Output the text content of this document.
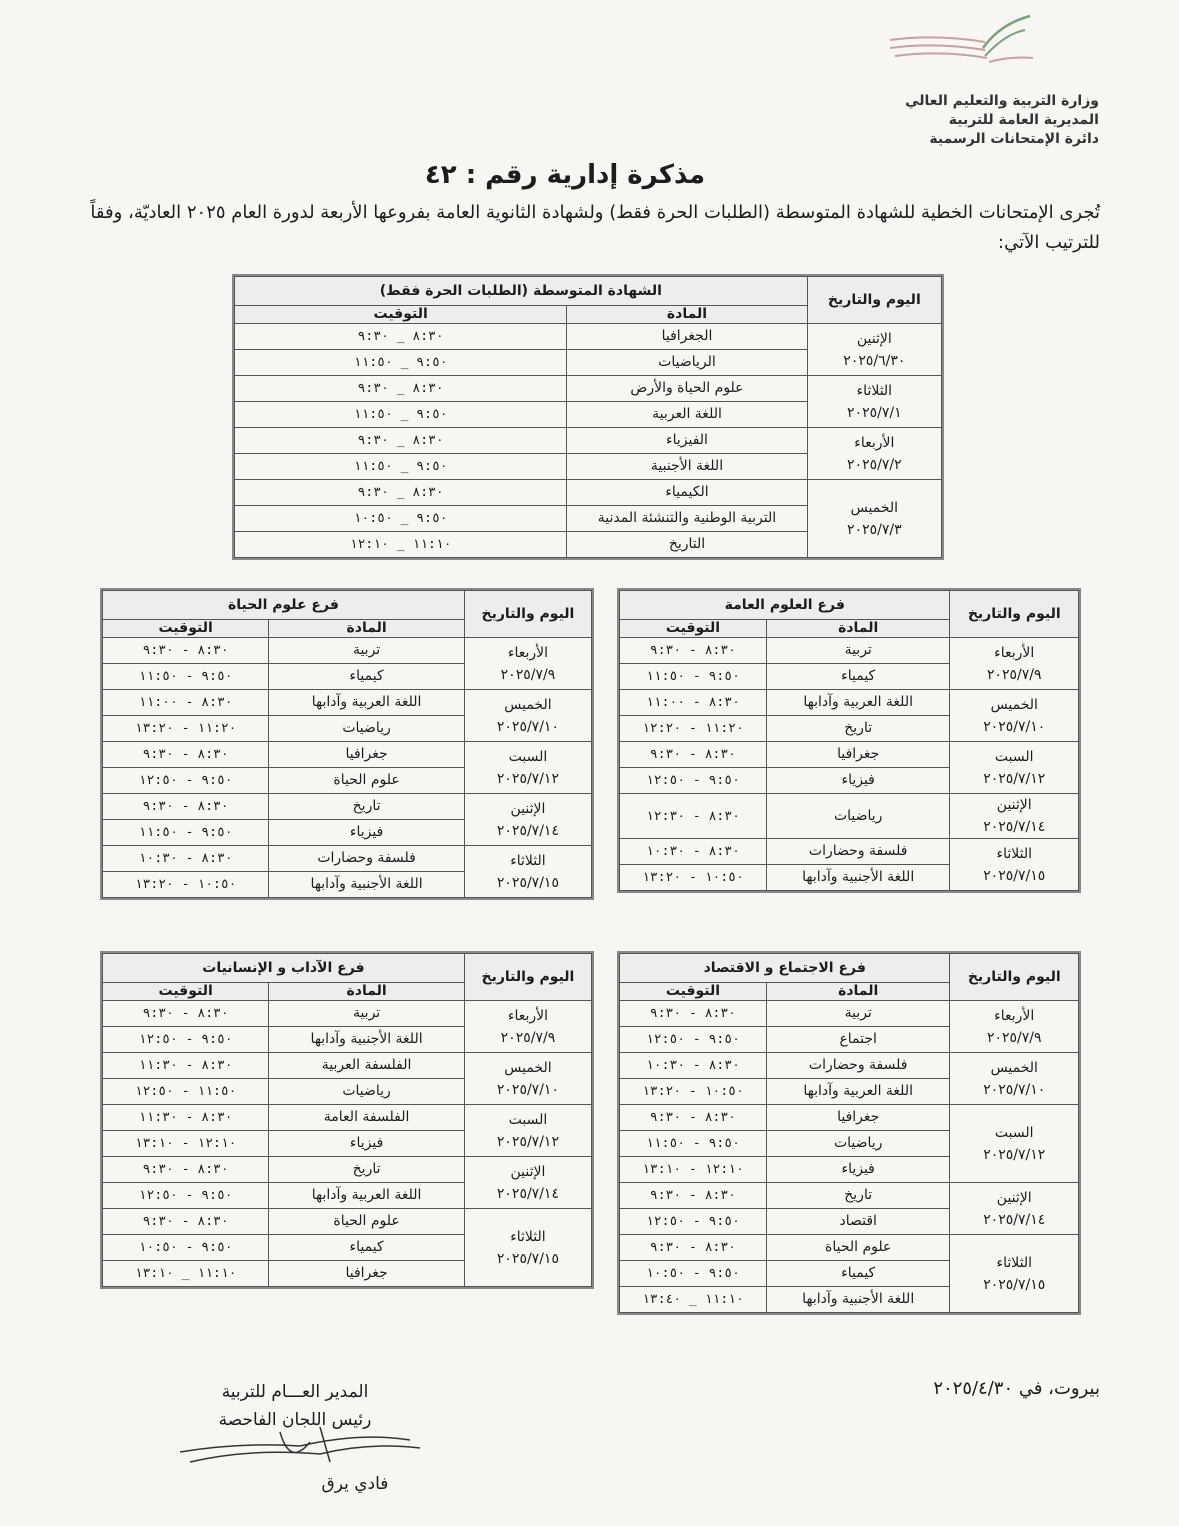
وزارة التربية والتعليم العالي
المديرية العامة للتربية
دائرة الإمتحانات الرسمية
مذكرة إدارية رقم : ٤٢
تُجرى الإمتحانات الخطية للشهادة المتوسطة (الطلبات الحرة فقط) ولشهادة الثانوية العامة بفروعها الأربعة لدورة العام ٢٠٢٥ العاديّة، وفقاً للترتيب الآتي:
اليوم والتاريخ	الشهادة المتوسطة (الطلبات الحرة فقط)	
	المادة	التوقيت

الإثنين
٢٠٢٥/٦/٣٠	الجغرافيا	٨:٣٠ _ ٩:٣٠
	الرياضيات	٩:٥٠ _ ١١:٥٠

الثلاثاء
٢٠٢٥/٧/١	علوم الحياة والأرض	٨:٣٠ _ ٩:٣٠
	اللغة العربية	٩:٥٠ _ ١١:٥٠

الأربعاء
٢٠٢٥/٧/٢	الفيزياء	٨:٣٠ _ ٩:٣٠
	اللغة الأجنبية	٩:٥٠ _ ١١:٥٠

الخميس
٢٠٢٥/٧/٣	الكيمياء	٨:٣٠ _ ٩:٣٠
	التربية الوطنية والتنشئة المدنية	٩:٥٠ _ ١٠:٥٠
	التاريخ	١١:١٠ _ ١٢:١٠
اليوم والتاريخ	فرع العلوم العامة	
	المادة	التوقيت

الأربعاء
٢٠٢٥/٧/٩	تربية	٨:٣٠ - ٩:٣٠
	كيمياء	٩:٥٠ - ١١:٥٠

الخميس
٢٠٢٥/٧/١٠	اللغة العربية وآدابها	٨:٣٠ - ١١:٠٠
	تاريخ	١١:٢٠ - ١٢:٢٠

السبت
٢٠٢٥/٧/١٢	جغرافيا	٨:٣٠ - ٩:٣٠
	فيزياء	٩:٥٠ - ١٢:٥٠

الإثنين
٢٠٢٥/٧/١٤	رياضيات	٨:٣٠ - ١٢:٣٠

الثلاثاء
٢٠٢٥/٧/١٥	فلسفة وحضارات	٨:٣٠ - ١٠:٣٠
	اللغة الأجنبية وآدابها	١٠:٥٠ - ١٣:٢٠
اليوم والتاريخ	فرع علوم الحياة	
	المادة	التوقيت

الأربعاء
٢٠٢٥/٧/٩	تربية	٨:٣٠ - ٩:٣٠
	كيمياء	٩:٥٠ - ١١:٥٠

الخميس
٢٠٢٥/٧/١٠	اللغة العربية وآدابها	٨:٣٠ - ١١:٠٠
	رياضيات	١١:٢٠ - ١٣:٢٠

السبت
٢٠٢٥/٧/١٢	جغرافيا	٨:٣٠ - ٩:٣٠
	علوم الحياة	٩:٥٠ - ١٢:٥٠

الإثنين
٢٠٢٥/٧/١٤	تاريخ	٨:٣٠ - ٩:٣٠
	فيزياء	٩:٥٠ - ١١:٥٠

الثلاثاء
٢٠٢٥/٧/١٥	فلسفة وحضارات	٨:٣٠ - ١٠:٣٠
	اللغة الأجنبية وآدابها	١٠:٥٠ - ١٣:٢٠
اليوم والتاريخ	فرع الاجتماع و الاقتصاد	
	المادة	التوقيت

الأربعاء
٢٠٢٥/٧/٩	تربية	٨:٣٠ - ٩:٣٠
	اجتماع	٩:٥٠ - ١٢:٥٠

الخميس
٢٠٢٥/٧/١٠	فلسفة وحضارات	٨:٣٠ - ١٠:٣٠
	اللغة العربية وآدابها	١٠:٥٠ - ١٣:٢٠

السبت
٢٠٢٥/٧/١٢	جغرافيا	٨:٣٠ - ٩:٣٠
	رياضيات	٩:٥٠ - ١١:٥٠
	فيزياء	١٢:١٠ - ١٣:١٠

الإثنين
٢٠٢٥/٧/١٤	تاريخ	٨:٣٠ - ٩:٣٠
	اقتصاد	٩:٥٠ - ١٢:٥٠

الثلاثاء
٢٠٢٥/٧/١٥	علوم الحياة	٨:٣٠ - ٩:٣٠
	كيمياء	٩:٥٠ - ١٠:٥٠
	اللغة الأجنبية وآدابها	١١:١٠ _ ١٣:٤٠
اليوم والتاريخ	فرع الآداب و الإنسانيات	
	المادة	التوقيت

الأربعاء
٢٠٢٥/٧/٩	تربية	٨:٣٠ - ٩:٣٠
	اللغة الأجنبية وآدابها	٩:٥٠ - ١٢:٥٠

الخميس
٢٠٢٥/٧/١٠	الفلسفة العربية	٨:٣٠ - ١١:٣٠
	رياضيات	١١:٥٠ - ١٢:٥٠

السبت
٢٠٢٥/٧/١٢	الفلسفة العامة	٨:٣٠ - ١١:٣٠
	فيزياء	١٢:١٠ - ١٣:١٠

الإثنين
٢٠٢٥/٧/١٤	تاريخ	٨:٣٠ - ٩:٣٠
	اللغة العربية وآدابها	٩:٥٠ - ١٢:٥٠

الثلاثاء
٢٠٢٥/٧/١٥	علوم الحياة	٨:٣٠ - ٩:٣٠
	كيمياء	٩:٥٠ - ١٠:٥٠
	جغرافيا	١١:١٠ _ ١٣:١٠
بيروت، في ٢٠٢٥/٤/٣٠
المدير العـــام للتربية
رئيس اللجان الفاحصة
فادي يرق
